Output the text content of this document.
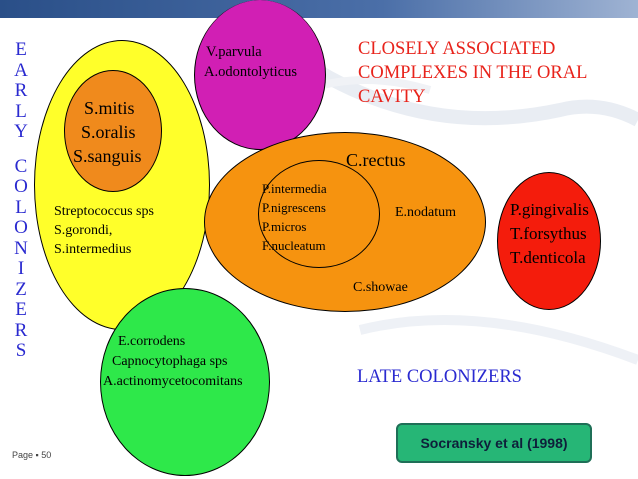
E
A
R
L
Y
C
O
L
O
N
I
Z
E
R
S
V.parvula
A.odontolyticus
Streptococcus sps
S.gorondi,
S.intermedius
S.mitis
S.oralis
S.sanguis
E.corrodens
Capnocytophaga sps
A.actinomycetocomitans
C.rectus
E.nodatum
C.showae
P.intermedia
P.nigrescens
P.micros
F.nucleatum
P.gingivalis
T.forsythus
T.denticola
CLOSELY ASSOCIATED
COMPLEXES IN THE ORAL
CAVITY
LATE COLONIZERS
Socransky et al (1998)
Page ▪ 50
